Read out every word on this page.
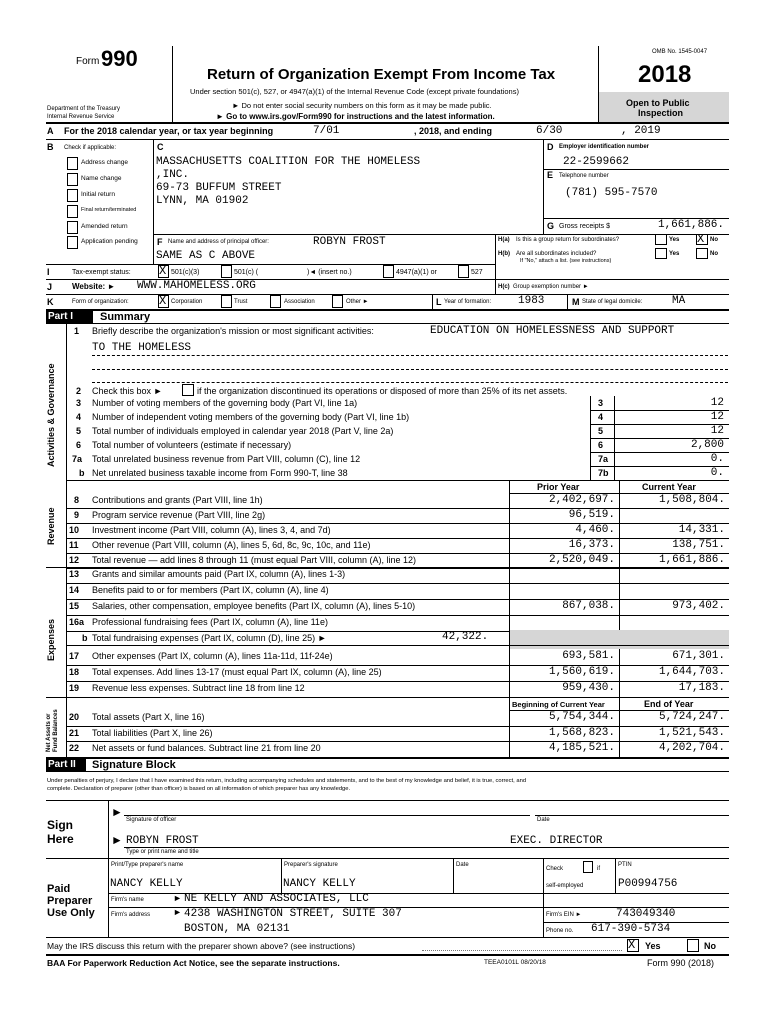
Form 990
Department of the Treasury
Internal Revenue Service
Return of Organization Exempt From Income Tax
Under section 501(c), 527, or 4947(a)(1) of the Internal Revenue Code (except private foundations)
► Do not enter social security numbers on this form as it may be made public.
► Go to www.irs.gov/Form990 for instructions and the latest information.
OMB No. 1545-0047
2018
Open to Public
Inspection
A For the 2018 calendar year, or tax year beginning	7/01	, 2018, and ending	6/30	, 2019
B Check if applicable:
Address change
Name change
Initial return
Final return/terminated
Amended return
Application pending
C
MASSACHUSETTS COALITION FOR THE HOMELESS
,INC.
69-73 BUFFUM STREET
LYNN, MA 01902
D Employer identification number
22-2599662
E Telephone number
(781) 595-7570
G Gross receipts $	1,661,886.
F Name and address of principal officer:	ROBYN FROST
SAME AS C ABOVE
H(a) Is this a group return for subordinates?	Yes X No
H(b) Are all subordinates included?
If "No," attach a list. (see instructions)
Yes	No
I	Tax-exempt status: X 501(c)(3)	501(c) (	)◄ (insert no.)	4947(a)(1) or	527
J Website: ► WWW.MAHOMELESS.ORG	H(c) Group exemption number ►
K	Form of organization:	X Corporation	Trust	Association	Other ►	L Year of formation: 1983	M State of legal domicile:	MA
Part I Summary
Activities & Governance
Revenue
Expenses
Net Assets or Fund Balances
1 Briefly describe the organization's mission or most significant activities:	EDUCATION ON HOMELESSNESS AND SUPPORT
TO THE HOMELESS
2 Check this box ►	if the organization discontinued its operations or disposed of more than 25% of its net assets.
3 Number of voting members of the governing body (Part VI, line 1a)	3	12
4 Number of independent voting members of the governing body (Part VI, line 1b)	4	12
5 Total number of individuals employed in calendar year 2018 (Part V, line 2a)	5	12
6 Total number of volunteers (estimate if necessary)	6	2,800
7a Total unrelated business revenue from Part VIII, column (C), line 12	7a	0.
b Net unrelated business taxable income from Form 990-T, line 38	7b	0.
Prior Year	Current Year
8 Contributions and grants (Part VIII, line 1h)	2,402,697.	1,508,804.
9 Program service revenue (Part VIII, line 2g)	96,519.
10 Investment income (Part VIII, column (A), lines 3, 4, and 7d)	4,460.	14,331.
11 Other revenue (Part VIII, column (A), lines 5, 6d, 8c, 9c, 10c, and 11e)	16,373.	138,751.
12 Total revenue — add lines 8 through 11 (must equal Part VIII, column (A), line 12)	2,520,049.	1,661,886.
13 Grants and similar amounts paid (Part IX, column (A), lines 1-3)
14 Benefits paid to or for members (Part IX, column (A), line 4)
15 Salaries, other compensation, employee benefits (Part IX, column (A), lines 5-10)	867,038.	973,402.
16a Professional fundraising fees (Part IX, column (A), line 11e)
b Total fundraising expenses (Part IX, column (D), line 25) ►	42,322.
17 Other expenses (Part IX, column (A), lines 11a-11d, 11f-24e)	693,581.	671,301.
18 Total expenses. Add lines 13-17 (must equal Part IX, column (A), line 25)	1,560,619.	1,644,703.
19 Revenue less expenses. Subtract line 18 from line 12	959,430.	17,183.
Beginning of Current Year	End of Year
20 Total assets (Part X, line 16)	5,754,344.	5,724,247.
21 Total liabilities (Part X, line 26)	1,568,823.	1,521,543.
22 Net assets or fund balances. Subtract line 21 from line 20	4,185,521.	4,202,704.
Part II Signature Block
Under penalties of perjury, I declare that I have examined this return, including accompanying schedules and statements, and to the best of my knowledge and belief, it is true, correct, and
complete. Declaration of preparer (other than officer) is based on all information of which preparer has any knowledge.
Sign
Here
►
Signature of officer	Date
► ROBYN FROST	EXEC. DIRECTOR
Type or print name and title
Paid
Preparer
Use Only
Print/Type preparer's name	Preparer's signature	Date
Check	if
self-employed
PTIN
NANCY KELLY	NANCY KELLY	P00994756
Firm's name	► NE KELLY AND ASSOCIATES, LLC
Firm's address	► 4238 WASHINGTON STREET, SUITE 307
BOSTON, MA 02131
Firm's EIN ►	743049340
Phone no. 617-390-5734
May the IRS discuss this return with the preparer shown above? (see instructions)	X Yes	No
BAA For Paperwork Reduction Act Notice, see the separate instructions.	TEEA0101L 08/20/18	Form 990 (2018)
